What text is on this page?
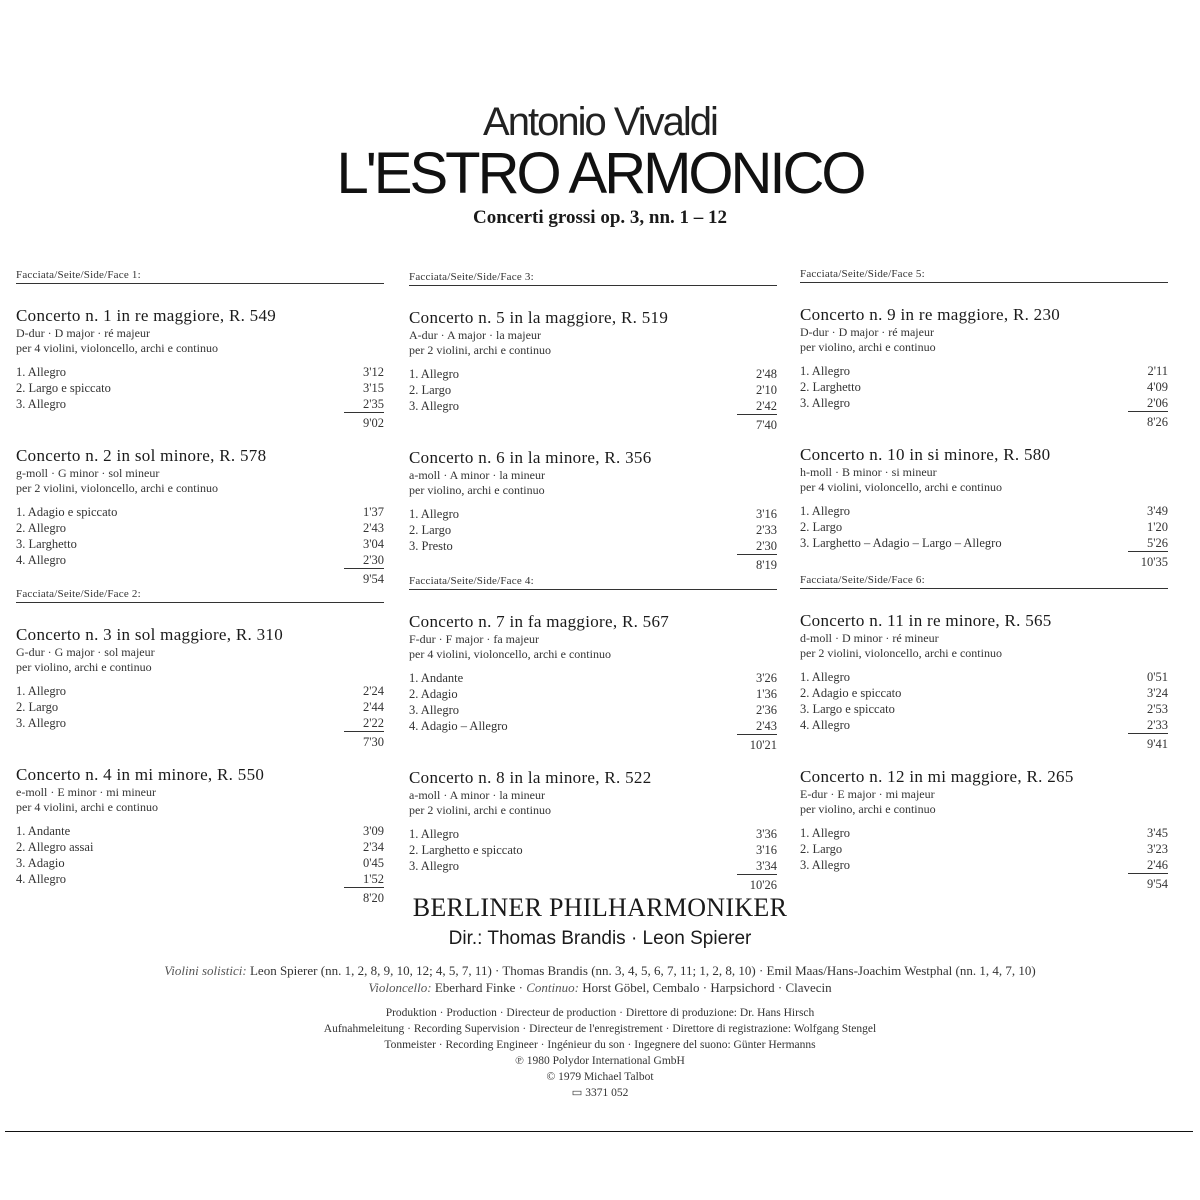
Antonio Vivaldi
L'ESTRO ARMONICO
Concerti grossi op. 3, nn. 1 – 12
Facciata/Seite/Side/Face 1:
Concerto n. 1 in re maggiore, R. 549
D-dur · D major · ré majeur
per 4 violini, violoncello, archi e continuo
1. Allegro	3'12
2. Largo e spiccato	3'15
3. Allegro	2'35
9'02
Concerto n. 2 in sol minore, R. 578
g-moll · G minor · sol mineur
per 2 violini, violoncello, archi e continuo
1. Adagio e spiccato	1'37
2. Allegro	2'43
3. Larghetto	3'04
4. Allegro	2'30
9'54
Facciata/Seite/Side/Face 2:
Concerto n. 3 in sol maggiore, R. 310
G-dur · G major · sol majeur
per violino, archi e continuo
1. Allegro	2'24
2. Largo	2'44
3. Allegro	2'22
7'30
Concerto n. 4 in mi minore, R. 550
e-moll · E minor · mi mineur
per 4 violini, archi e continuo
1. Andante	3'09
2. Allegro assai	2'34
3. Adagio	0'45
4. Allegro	1'52
8'20
Facciata/Seite/Side/Face 3:
Concerto n. 5 in la maggiore, R. 519
A-dur · A major · la majeur
per 2 violini, archi e continuo
1. Allegro	2'48
2. Largo	2'10
3. Allegro	2'42
7'40
Concerto n. 6 in la minore, R. 356
a-moll · A minor · la mineur
per violino, archi e continuo
1. Allegro	3'16
2. Largo	2'33
3. Presto	2'30
8'19
Facciata/Seite/Side/Face 4:
Concerto n. 7 in fa maggiore, R. 567
F-dur · F major · fa majeur
per 4 violini, violoncello, archi e continuo
1. Andante	3'26
2. Adagio	1'36
3. Allegro	2'36
4. Adagio – Allegro	2'43
10'21
Concerto n. 8 in la minore, R. 522
a-moll · A minor · la mineur
per 2 violini, archi e continuo
1. Allegro	3'36
2. Larghetto e spiccato	3'16
3. Allegro	3'34
10'26
Facciata/Seite/Side/Face 5:
Concerto n. 9 in re maggiore, R. 230
D-dur · D major · ré majeur
per violino, archi e continuo
1. Allegro	2'11
2. Larghetto	4'09
3. Allegro	2'06
8'26
Concerto n. 10 in si minore, R. 580
h-moll · B minor · si mineur
per 4 violini, violoncello, archi e continuo
1. Allegro	3'49
2. Largo	1'20
3. Larghetto – Adagio – Largo – Allegro	5'26
10'35
Facciata/Seite/Side/Face 6:
Concerto n. 11 in re minore, R. 565
d-moll · D minor · ré mineur
per 2 violini, violoncello, archi e continuo
1. Allegro	0'51
2. Adagio e spiccato	3'24
3. Largo e spiccato	2'53
4. Allegro	2'33
9'41
Concerto n. 12 in mi maggiore, R. 265
E-dur · E major · mi majeur
per violino, archi e continuo
1. Allegro	3'45
2. Largo	3'23
3. Allegro	2'46
9'54
BERLINER PHILHARMONIKER
Dir.: Thomas Brandis · Leon Spierer
Violini solistici: Leon Spierer (nn. 1, 2, 8, 9, 10, 12; 4, 5, 7, 11) · Thomas Brandis (nn. 3, 4, 5, 6, 7, 11; 1, 2, 8, 10) · Emil Maas/Hans-Joachim Westphal (nn. 1, 4, 7, 10)
Violoncello: Eberhard Finke · Continuo: Horst Göbel, Cembalo · Harpsichord · Clavecin
Produktion · Production · Directeur de production · Direttore di produzione: Dr. Hans Hirsch
Aufnahmeleitung · Recording Supervision · Directeur de l'enregistrement · Direttore di registrazione: Wolfgang Stengel
Tonmeister · Recording Engineer · Ingénieur du son · Ingegnere del suono: Günter Hermanns
℗ 1980 Polydor International GmbH
© 1979 Michael Talbot
▭ 3371 052
